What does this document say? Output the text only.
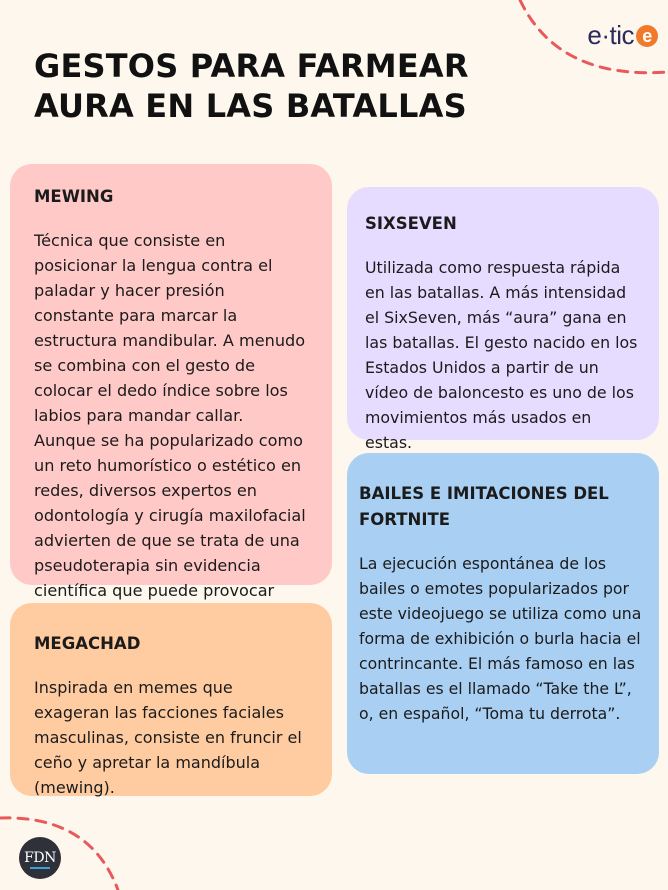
e·tic e
GESTOS PARA FARMEAR AURA EN LAS BATALLAS
MEWING

Técnica que consiste en posicionar la lengua contra el paladar y hacer presión constante para marcar la estructura mandibular. A menudo se combina con el gesto de colocar el dedo índice sobre los labios para mandar callar. Aunque se ha popularizado como un reto humorístico o estético en redes, diversos expertos en odontología y cirugía maxilofacial advierten de que se trata de una pseudoterapia sin evidencia científica que puede provocar

MEGACHAD

Inspirada en memes que exageran las facciones faciales masculinas, consiste en fruncir el ceño y apretar la mandíbula (mewing).

SIXSEVEN

Utilizada como respuesta rápida en las batallas. A más intensidad el SixSeven, más “aura” gana en las batallas. El gesto nacido en los Estados Unidos a partir de un vídeo de baloncesto es uno de los movimientos más usados en estas.

BAILES E IMITACIONES DEL FORTNITE

La ejecución espontánea de los bailes o emotes popularizados por este videojuego se utiliza como una forma de exhibición o burla hacia el contrincante. El más famoso en las batallas es el llamado “Take the L”, o, en español, “Toma tu derrota”.

FDN
